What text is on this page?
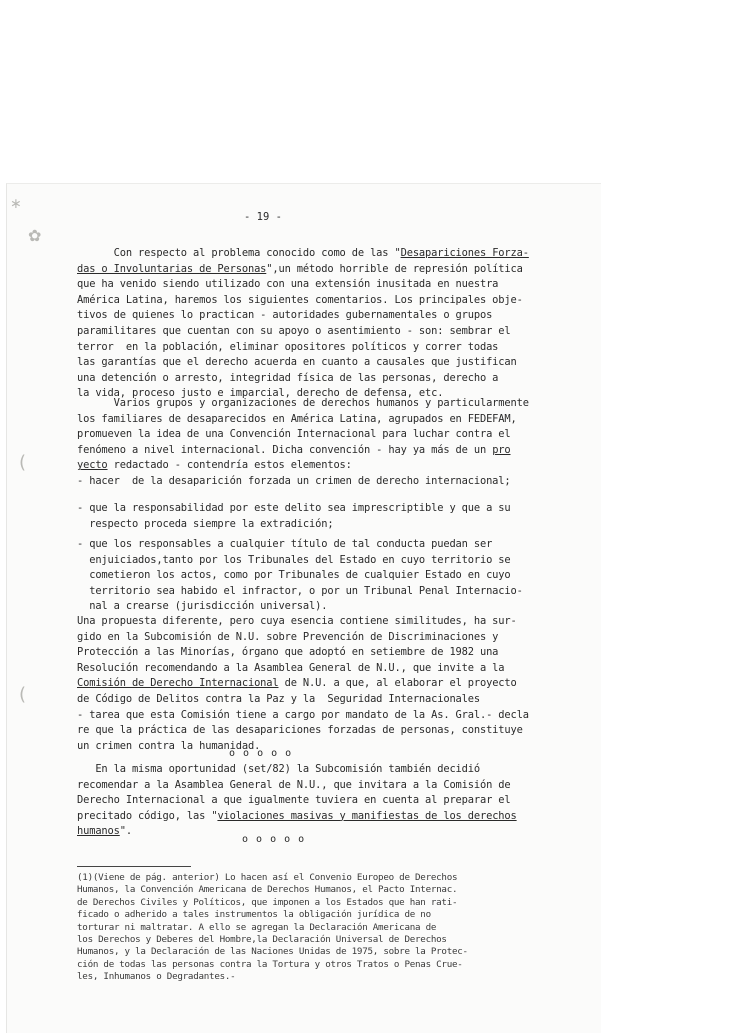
∗
✿
(
(
- 19 -
Con respecto al problema conocido como de las "Desapariciones Forza-
das o Involuntarias de Personas",un método horrible de represión política
que ha venido siendo utilizado con una extensión inusitada en nuestra
América Latina, haremos los siguientes comentarios. Los principales obje-
tivos de quienes lo practican - autoridades gubernamentales o grupos
paramilitares que cuentan con su apoyo o asentimiento - son: sembrar el
terror  en la población, eliminar opositores políticos y correr todas
las garantías que el derecho acuerda en cuanto a causales que justifican
una detención o arresto, integridad física de las personas, derecho a
la vida, proceso justo e imparcial, derecho de defensa, etc.
Varios grupos y organizaciones de derechos humanos y particularmente
los familiares de desaparecidos en América Latina, agrupados en FEDEFAM,
promueven la idea de una Convención Internacional para luchar contra el
fenómeno a nivel internacional. Dicha convención - hay ya más de un pro
yecto redactado - contendría estos elementos:
- hacer  de la desaparición forzada un crimen de derecho internacional;
- que la responsabilidad por este delito sea imprescriptible y que a su
respecto proceda siempre la extradición;
- que los responsables a cualquier título de tal conducta puedan ser
enjuiciados,tanto por los Tribunales del Estado en cuyo territorio se
cometieron los actos, como por Tribunales de cualquier Estado en cuyo
territorio sea habido el infractor, o por un Tribunal Penal Internacio-
nal a crearse (jurisdicción universal).
Una propuesta diferente, pero cuya esencia contiene similitudes, ha sur-
gido en la Subcomisión de N.U. sobre Prevención de Discriminaciones y
Protección a las Minorías, órgano que adoptó en setiembre de 1982 una
Resolución recomendando a la Asamblea General de N.U., que invite a la
Comisión de Derecho Internacional de N.U. a que, al elaborar el proyecto
de Código de Delitos contra la Paz y la  Seguridad Internacionales
- tarea que esta Comisión tiene a cargo por mandato de la As. Gral.- decla
re que la práctica de las desapariciones forzadas de personas, constituye
un crimen contra la humanidad.
En la misma oportunidad (set/82) la Subcomisión también decidió
recomendar a la Asamblea General de N.U., que invitara a la Comisión de
Derecho Internacional a que igualmente tuviera en cuenta al preparar el
precitado código, las "violaciones masivas y manifiestas de los derechos
humanos".
o o o o o
o o o o o
(1)(Viene de pág. anterior) Lo hacen así el Convenio Europeo de Derechos
Humanos, la Convención Americana de Derechos Humanos, el Pacto Internac.
de Derechos Civiles y Políticos, que imponen a los Estados que han rati-
ficado o adherido a tales instrumentos la obligación jurídica de no
torturar ni maltratar. A ello se agregan la Declaración Americana de
los Derechos y Deberes del Hombre,la Declaración Universal de Derechos
Humanos, y la Declaración de las Naciones Unidas de 1975, sobre la Protec-
ción de todas las personas contra la Tortura y otros Tratos o Penas Crue-
les, Inhumanos o Degradantes.-
